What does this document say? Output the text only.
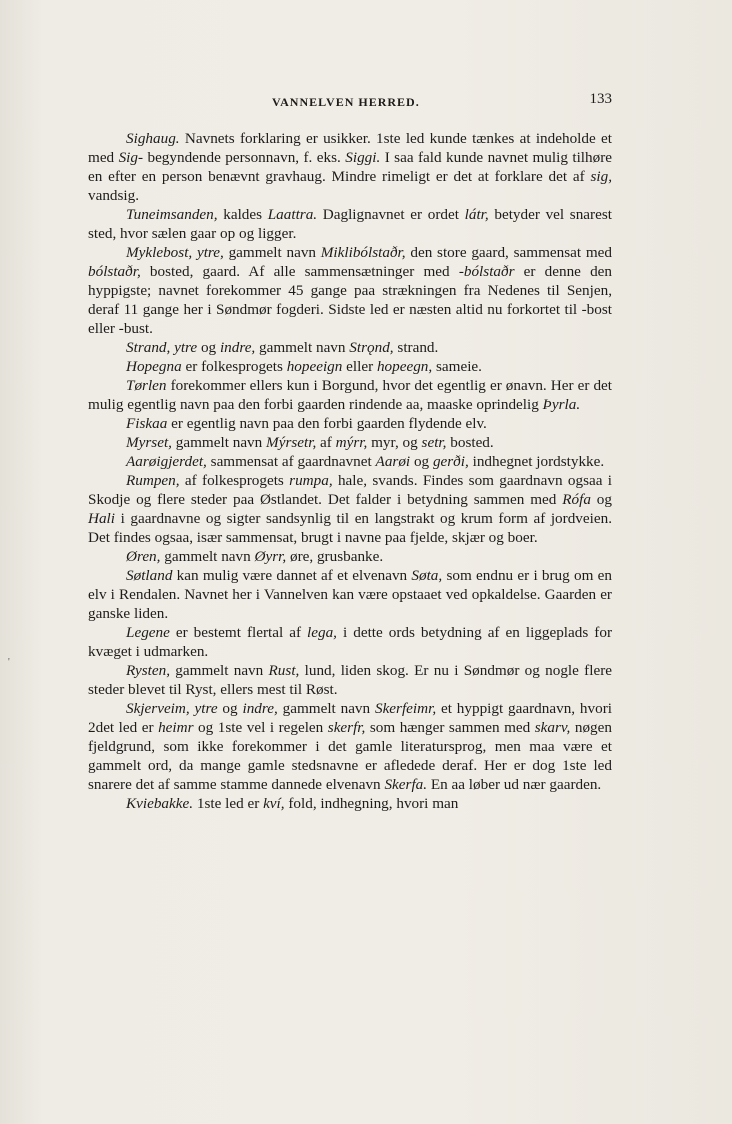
VANNELVEN HERRED.	133
'

Sighaug. Navnets forklaring er usikker. 1ste led kunde tænkes at indeholde et med Sig- begyndende personnavn, f. eks. Siggi. I saa fald kunde navnet mulig tilhøre en efter en person benævnt gravhaug. Mindre rimeligt er det at forklare det af sig, vandsig.

Tuneimsanden, kaldes Laattra. Daglignavnet er ordet látr, betyder vel snarest sted, hvor sælen gaar op og ligger.

Myklebost, ytre, gammelt navn Miklibólstaðr, den store gaard, sammensat med bólstaðr, bosted, gaard. Af alle sammensætninger med -bólstaðr er denne den hyppigste; navnet forekommer 45 gange paa strækningen fra Nedenes til Senjen, deraf 11 gange her i Søndmør fogderi. Sidste led er næsten altid nu forkortet til -bost eller -bust.

Strand, ytre og indre, gammelt navn Strǫnd, strand.

Hopegna er folkesprogets hopeeign eller hopeegn, sameie.

Tørlen forekommer ellers kun i Borgund, hvor det egentlig er ønavn. Her er det mulig egentlig navn paa den forbi gaarden rindende aa, maaske oprindelig Þyrla.

Fiskaa er egentlig navn paa den forbi gaarden flydende elv.

Myrset, gammelt navn Mýrsetr, af mýrr, myr, og setr, bosted.

Aarøigjerdet, sammensat af gaardnavnet Aarøi og gerði, indhegnet jordstykke.

Rumpen, af folkesprogets rumpa, hale, svands. Findes som gaardnavn ogsaa i Skodje og flere steder paa Østlandet. Det falder i betydning sammen med Rófa og Hali i gaardnavne og sigter sandsynlig til en langstrakt og krum form af jordveien. Det findes ogsaa, især sammensat, brugt i navne paa fjelde, skjær og boer.

Øren, gammelt navn Øyrr, øre, grusbanke.

Søtland kan mulig være dannet af et elvenavn Søta, som endnu er i brug om en elv i Rendalen. Navnet her i Vannelven kan være opstaaet ved opkaldelse. Gaarden er ganske liden.

Legene er bestemt flertal af lega, i dette ords betydning af en liggeplads for kvæget i udmarken.

Rysten, gammelt navn Rust, lund, liden skog. Er nu i Søndmør og nogle flere steder blevet til Ryst, ellers mest til Røst.

Skjerveim, ytre og indre, gammelt navn Skerfeimr, et hyppigt gaardnavn, hvori 2det led er heimr og 1ste vel i regelen skerfr, som hænger sammen med skarv, nøgen fjeldgrund, som ikke forekommer i det gamle literatursprog, men maa være et gammelt ord, da mange gamle stedsnavne er afledede deraf. Her er dog 1ste led snarere det af samme stamme dannede elvenavn Skerfa. En aa løber ud nær gaarden.

Kviebakke. 1ste led er kví, fold, indhegning, hvori man
